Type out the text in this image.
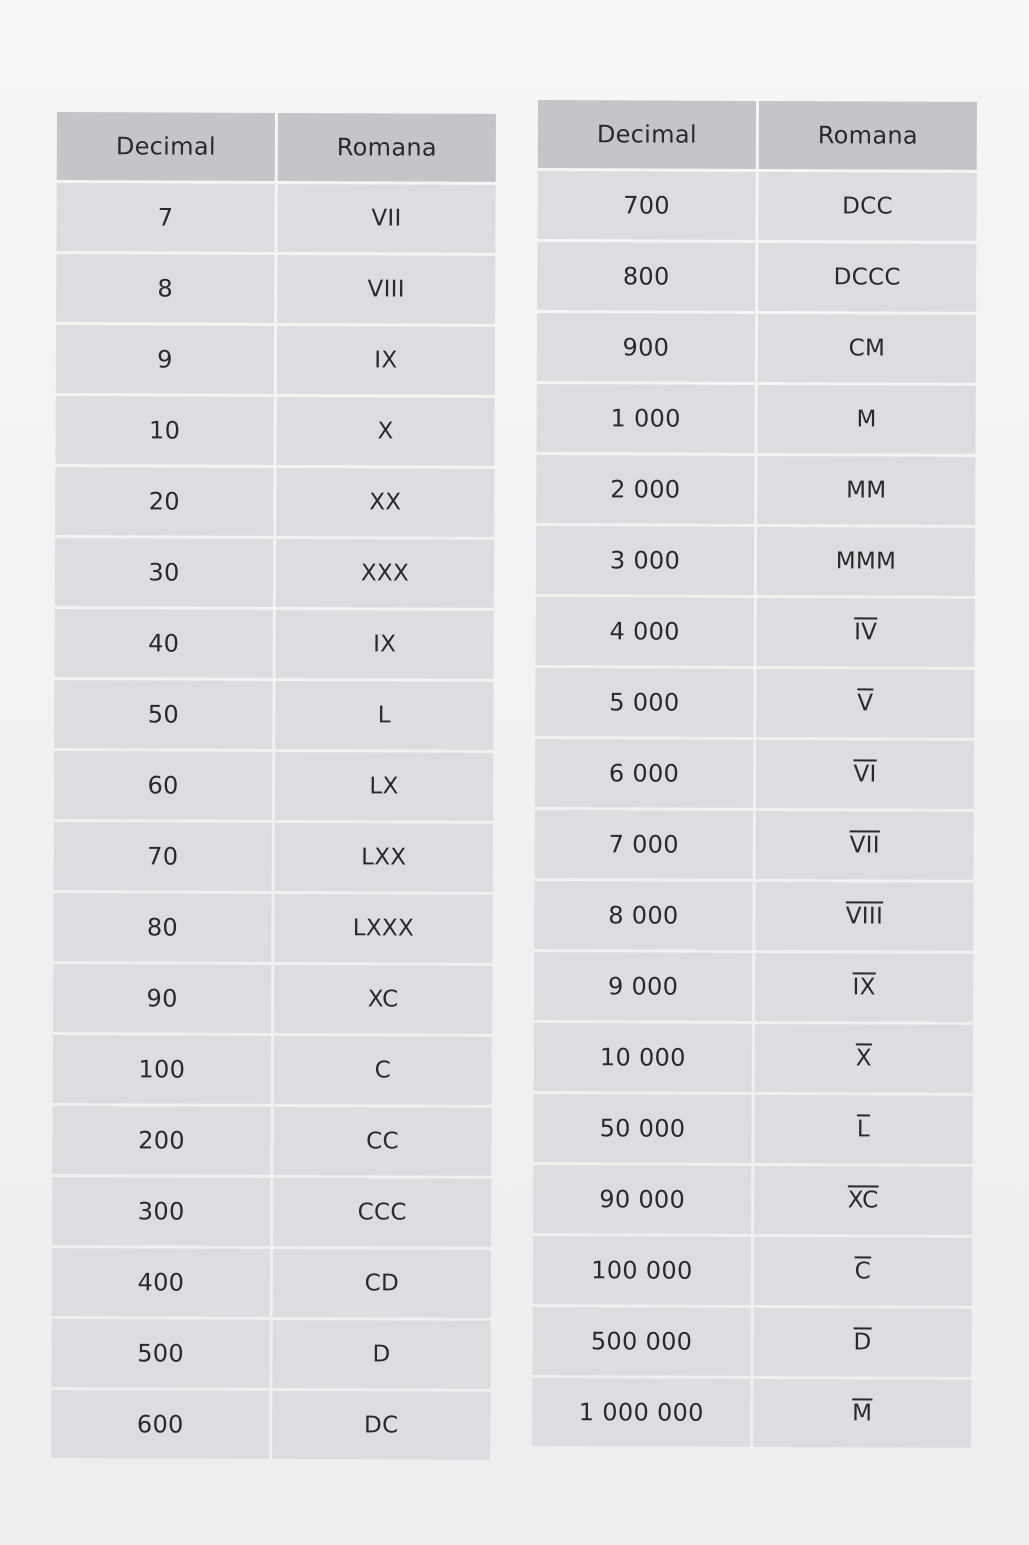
Decimal	Romana
7	VII
8	VIII
9	IX
10	X
20	XX
30	XXX
40	IX
50	L
60	LX
70	LXX
80	LXXX
90	XC
100	C
200	CC
300	CCC
400	CD
500	D
600	DC
Decimal	Romana
700	DCC
800	DCCC
900	CM
1 000	M
2 000	MM
3 000	MMM
4 000	$\overline{IV}$
5 000	$\overline{V}$
6 000	$\overline{VI}$
7 000	$\overline{VII}$
8 000	VIII
9 000	$\overline{IX}$
10 000	$\overline{X}$
50 000	$\overline{L}$
90 000	$\overline{XC}$
100 000	$\overline{C}$
500 000	$\overline{D}$
1 000 000	$\overline{M}$
